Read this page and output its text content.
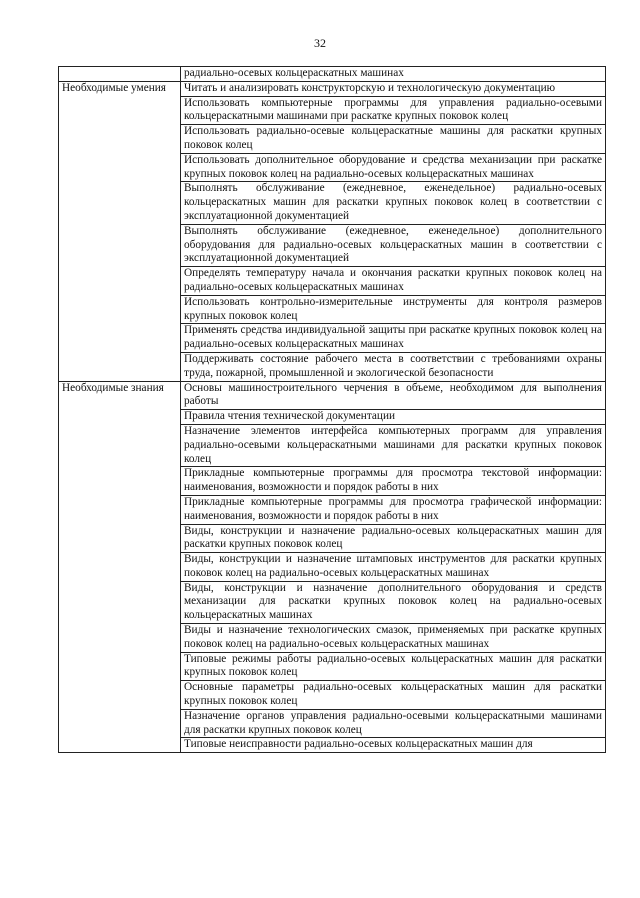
32
	радиально-осевых кольцераскатных машинах

Необходимые умения	Читать и анализировать конструкторскую и технологическую документацию
	Использовать компьютерные программы для управления радиально-осевыми кольцераскатными машинами при раскатке крупных поковок колец
	Использовать радиально-осевые кольцераскатные машины для раскатки крупных поковок колец
	Использовать дополнительное оборудование и средства механизации при раскатке крупных поковок колец на радиально-осевых кольцераскатных машинах
	Выполнять обслуживание (ежедневное, еженедельное) радиально-осевых кольцераскатных машин для раскатки крупных поковок колец в соответствии с эксплуатационной документацией
	Выполнять обслуживание (ежедневное, еженедельное) дополнительного оборудования для радиально-осевых кольцераскатных машин в соответствии с эксплуатационной документацией
	Определять температуру начала и окончания раскатки крупных поковок колец на радиально-осевых кольцераскатных машинах
	Использовать контрольно-измерительные инструменты для контроля размеров крупных поковок колец
	Применять средства индивидуальной защиты при раскатке крупных поковок колец на радиально-осевых кольцераскатных машинах
	Поддерживать состояние рабочего места в соответствии с требованиями охраны труда, пожарной, промышленной и экологической безопасности

Необходимые знания	Основы машиностроительного черчения в объеме, необходимом для выполнения работы
	Правила чтения технической документации
	Назначение элементов интерфейса компьютерных программ для управления радиально-осевыми кольцераскатными машинами для раскатки крупных поковок колец
	Прикладные компьютерные программы для просмотра текстовой информации: наименования, возможности и порядок работы в них
	Прикладные компьютерные программы для просмотра графической информации: наименования, возможности и порядок работы в них
	Виды, конструкции и назначение радиально-осевых кольцераскатных машин для раскатки крупных поковок колец
	Виды, конструкции и назначение штамповых инструментов для раскатки крупных поковок колец на радиально-осевых кольцераскатных машинах
	Виды, конструкции и назначение дополнительного оборудования и средств механизации для раскатки крупных поковок колец на радиально-осевых кольцераскатных машинах
	Виды и назначение технологических смазок, применяемых при раскатке крупных поковок колец на радиально-осевых кольцераскатных машинах
	Типовые режимы работы радиально-осевых кольцераскатных машин для раскатки крупных поковок колец
	Основные параметры радиально-осевых кольцераскатных машин для раскатки крупных поковок колец
	Назначение органов управления радиально-осевыми кольцераскатными машинами для раскатки крупных поковок колец
	Типовые неисправности радиально-осевых кольцераскатных машин для
